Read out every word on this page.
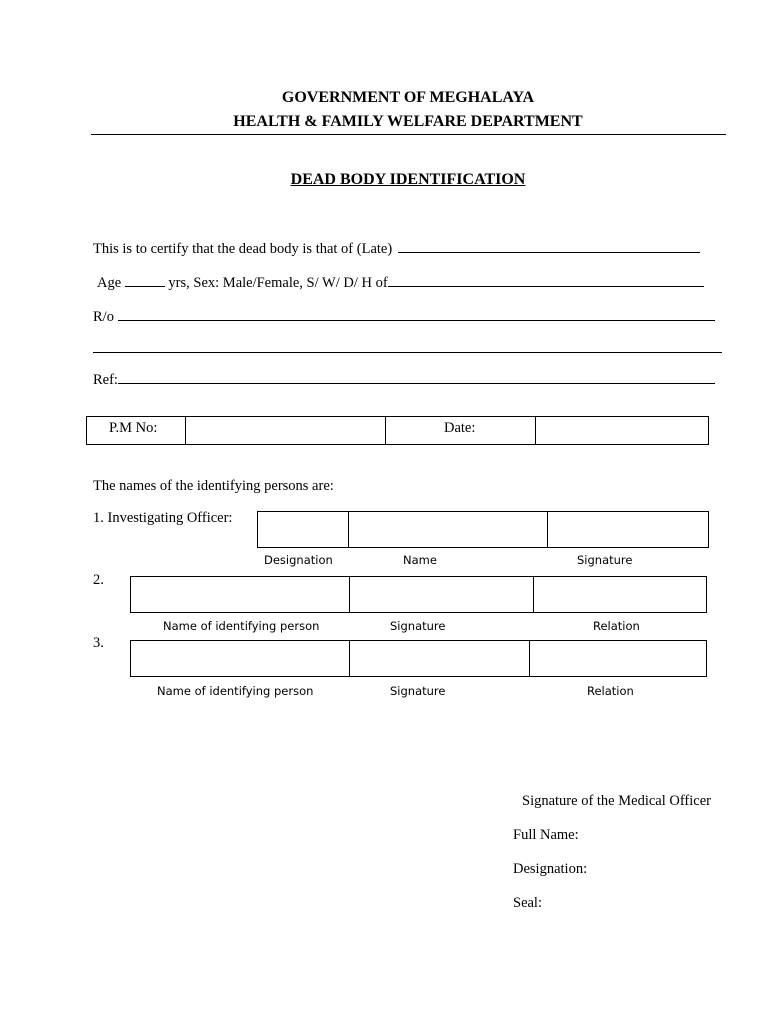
GOVERNMENT OF MEGHALAYA
HEALTH & FAMILY WELFARE DEPARTMENT
DEAD BODY IDENTIFICATION
This is to certify that the dead body is that of (Late)
Age	yrs, Sex: Male/Female, S/ W/ D/ H of
R/o
Ref:
P.M No:	Date:
The names of the identifying persons are:
1. Investigating Officer:
Designation	Name	Signature
2.
Name of identifying person	Signature	Relation
3.
Name of identifying person	Signature	Relation
Signature of the Medical Officer
Full Name:
Designation:
Seal:
